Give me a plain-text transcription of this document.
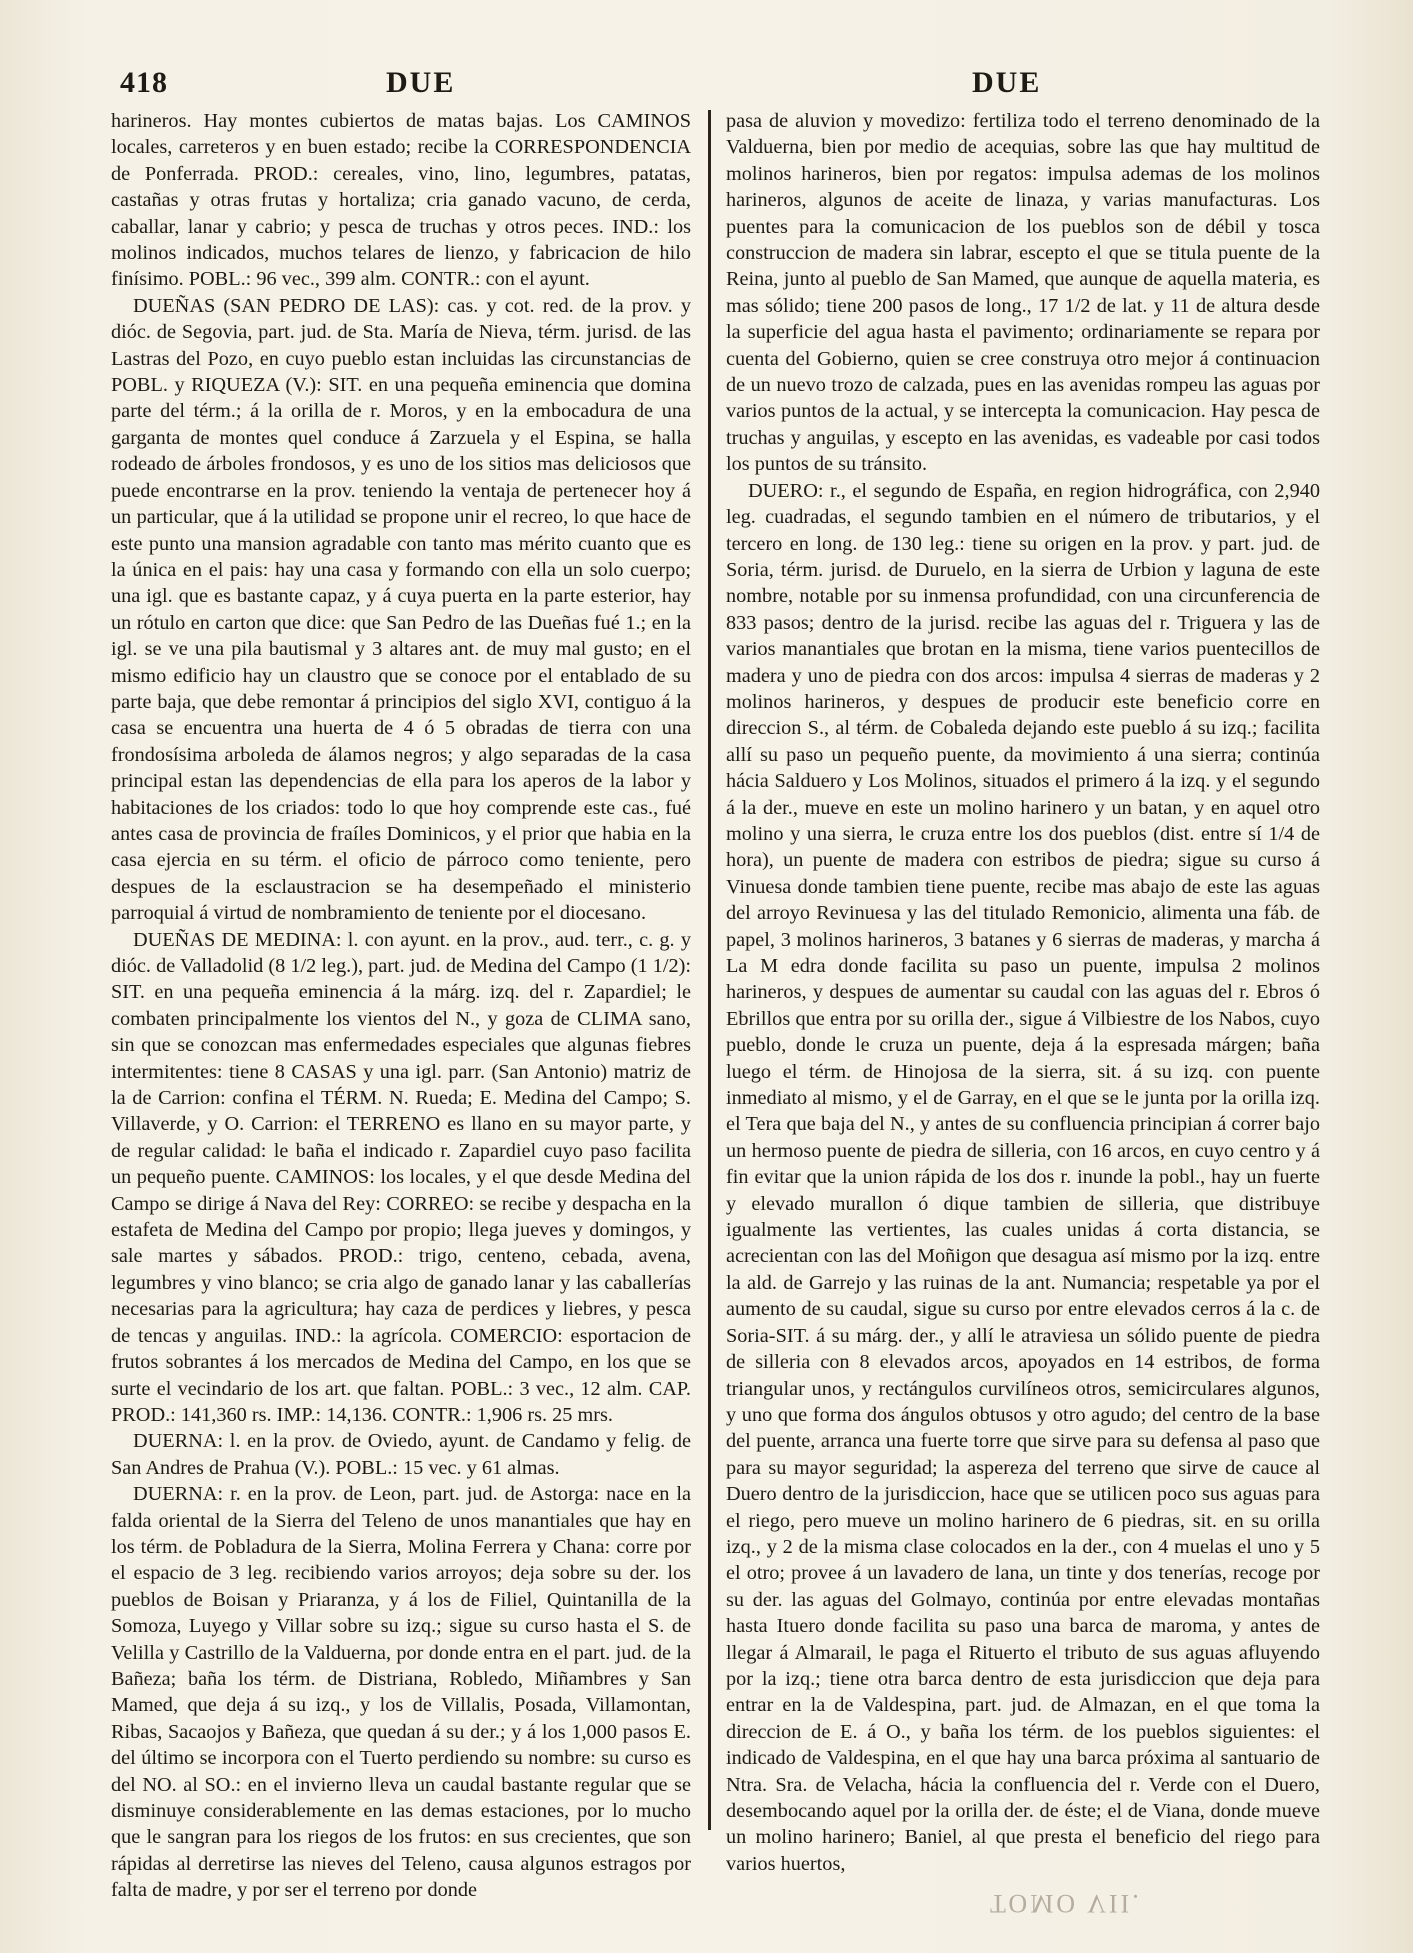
418	DUE	DUE

harineros. Hay montes cubiertos de matas bajas. Los CAMINOS locales, carreteros y en buen estado; recibe la CORRESPONDENCIA de Ponferrada. PROD.: cereales, vino, lino, legumbres, patatas, castañas y otras frutas y hortaliza; cria ganado vacuno, de cerda, caballar, lanar y cabrio; y pesca de truchas y otros peces. IND.: los molinos indicados, muchos telares de lienzo, y fabricacion de hilo finísimo. POBL.: 96 vec., 399 alm. CONTR.: con el ayunt.

DUEÑAS (SAN PEDRO DE LAS): cas. y cot. red. de la prov. y dióc. de Segovia, part. jud. de Sta. María de Nieva, térm. jurisd. de las Lastras del Pozo, en cuyo pueblo estan incluidas las circunstancias de POBL. y RIQUEZA (V.): SIT. en una pequeña eminencia que domina parte del térm.; á la orilla de r. Moros, y en la embocadura de una garganta de montes quel conduce á Zarzuela y el Espina, se halla rodeado de árboles frondosos, y es uno de los sitios mas deliciosos que puede encontrarse en la prov. teniendo la ventaja de pertenecer hoy á un particular, que á la utilidad se propone unir el recreo, lo que hace de este punto una mansion agradable con tanto mas mérito cuanto que es la única en el pais: hay una casa y formando con ella un solo cuerpo; una igl. que es bastante capaz, y á cuya puerta en la parte esterior, hay un rótulo en carton que dice: que San Pedro de las Dueñas fué 1.; en la igl. se ve una pila bautismal y 3 altares ant. de muy mal gusto; en el mismo edificio hay un claustro que se conoce por el entablado de su parte baja, que debe remontar á principios del siglo XVI, contiguo á la casa se encuentra una huerta de 4 ó 5 obradas de tierra con una frondosísima arboleda de álamos negros; y algo separadas de la casa principal estan las dependencias de ella para los aperos de la labor y habitaciones de los criados: todo lo que hoy comprende este cas., fué antes casa de provincia de fraíles Dominicos, y el prior que habia en la casa ejercia en su térm. el oficio de párroco como teniente, pero despues de la esclaustracion se ha desempeñado el ministerio parroquial á virtud de nombramiento de teniente por el diocesano.

DUEÑAS DE MEDINA: l. con ayunt. en la prov., aud. terr., c. g. y dióc. de Valladolid (8 1/2 leg.), part. jud. de Medina del Campo (1 1/2): SIT. en una pequeña eminencia á la márg. izq. del r. Zapardiel; le combaten principalmente los vientos del N., y goza de CLIMA sano, sin que se conozcan mas enfermedades especiales que algunas fiebres intermitentes: tiene 8 CASAS y una igl. parr. (San Antonio) matriz de la de Carrion: confina el TÉRM. N. Rueda; E. Medina del Campo; S. Villaverde, y O. Carrion: el TERRENO es llano en su mayor parte, y de regular calidad: le baña el indicado r. Zapardiel cuyo paso facilita un pequeño puente. CAMINOS: los locales, y el que desde Medina del Campo se dirige á Nava del Rey: CORREO: se recibe y despacha en la estafeta de Medina del Campo por propio; llega jueves y domingos, y sale martes y sábados. PROD.: trigo, centeno, cebada, avena, legumbres y vino blanco; se cria algo de ganado lanar y las caballerías necesarias para la agricultura; hay caza de perdices y liebres, y pesca de tencas y anguilas. IND.: la agrícola. COMERCIO: esportacion de frutos sobrantes á los mercados de Medina del Campo, en los que se surte el vecindario de los art. que faltan. POBL.: 3 vec., 12 alm. CAP. PROD.: 141,360 rs. IMP.: 14,136. CONTR.: 1,906 rs. 25 mrs.

DUERNA: l. en la prov. de Oviedo, ayunt. de Candamo y felig. de San Andres de Prahua (V.). POBL.: 15 vec. y 61 almas.

DUERNA: r. en la prov. de Leon, part. jud. de Astorga: nace en la falda oriental de la Sierra del Teleno de unos manantiales que hay en los térm. de Pobladura de la Sierra, Molina Ferrera y Chana: corre por el espacio de 3 leg. recibiendo varios arroyos; deja sobre su der. los pueblos de Boisan y Priaranza, y á los de Filiel, Quintanilla de la Somoza, Luyego y Villar sobre su izq.; sigue su curso hasta el S. de Velilla y Castrillo de la Valduerna, por donde entra en el part. jud. de la Bañeza; baña los térm. de Distriana, Robledo, Miñambres y San Mamed, que deja á su izq., y los de Villalis, Posada, Villamontan, Ribas, Sacaojos y Bañeza, que quedan á su der.; y á los 1,000 pasos E. del último se incorpora con el Tuerto perdiendo su nombre: su curso es del NO. al SO.: en el invierno lleva un caudal bastante regular que se disminuye considerablemente en las demas estaciones, por lo mucho que le sangran para los riegos de los frutos: en sus crecientes, que son rápidas al derretirse las nieves del Teleno, causa algunos estragos por falta de madre, y por ser el terreno por donde

pasa de aluvion y movedizo: fertiliza todo el terreno denominado de la Valduerna, bien por medio de acequias, sobre las que hay multitud de molinos harineros, bien por regatos: impulsa ademas de los molinos harineros, algunos de aceite de linaza, y varias manufacturas. Los puentes para la comunicacion de los pueblos son de débil y tosca construccion de madera sin labrar, escepto el que se titula puente de la Reina, junto al pueblo de San Mamed, que aunque de aquella materia, es mas sólido; tiene 200 pasos de long., 17 1/2 de lat. y 11 de altura desde la superficie del agua hasta el pavimento; ordinariamente se repara por cuenta del Gobierno, quien se cree construya otro mejor á continuacion de un nuevo trozo de calzada, pues en las avenidas rompeu las aguas por varios puntos de la actual, y se intercepta la comunicacion. Hay pesca de truchas y anguilas, y escepto en las avenidas, es vadeable por casi todos los puntos de su tránsito.

DUERO: r., el segundo de España, en region hidrográfica, con 2,940 leg. cuadradas, el segundo tambien en el número de tributarios, y el tercero en long. de 130 leg.: tiene su origen en la prov. y part. jud. de Soria, térm. jurisd. de Duruelo, en la sierra de Urbion y laguna de este nombre, notable por su inmensa profundidad, con una circunferencia de 833 pasos; dentro de la jurisd. recibe las aguas del r. Triguera y las de varios manantiales que brotan en la misma, tiene varios puentecillos de madera y uno de piedra con dos arcos: impulsa 4 sierras de maderas y 2 molinos harineros, y despues de producir este beneficio corre en direccion S., al térm. de Cobaleda dejando este pueblo á su izq.; facilita allí su paso un pequeño puente, da movimiento á una sierra; continúa hácia Salduero y Los Molinos, situados el primero á la izq. y el segundo á la der., mueve en este un molino harinero y un batan, y en aquel otro molino y una sierra, le cruza entre los dos pueblos (dist. entre sí 1/4 de hora), un puente de madera con estribos de piedra; sigue su curso á Vinuesa donde tambien tiene puente, recibe mas abajo de este las aguas del arroyo Revinuesa y las del titulado Remonicio, alimenta una fáb. de papel, 3 molinos harineros, 3 batanes y 6 sierras de maderas, y marcha á La M edra donde facilita su paso un puente, impulsa 2 molinos harineros, y despues de aumentar su caudal con las aguas del r. Ebros ó Ebrillos que entra por su orilla der., sigue á Vilbiestre de los Nabos, cuyo pueblo, donde le cruza un puente, deja á la espresada márgen; baña luego el térm. de Hinojosa de la sierra, sit. á su izq. con puente inmediato al mismo, y el de Garray, en el que se le junta por la orilla izq. el Tera que baja del N., y antes de su confluencia principian á correr bajo un hermoso puente de piedra de silleria, con 16 arcos, en cuyo centro y á fin evitar que la union rápida de los dos r. inunde la pobl., hay un fuerte y elevado murallon ó dique tambien de silleria, que distribuye igualmente las vertientes, las cuales unidas á corta distancia, se acrecientan con las del Moñigon que desagua así mismo por la izq. entre la ald. de Garrejo y las ruinas de la ant. Numancia; respetable ya por el aumento de su caudal, sigue su curso por entre elevados cerros á la c. de Soria-SIT. á su márg. der., y allí le atraviesa un sólido puente de piedra de silleria con 8 elevados arcos, apoyados en 14 estribos, de forma triangular unos, y rectángulos curvilíneos otros, semicirculares algunos, y uno que forma dos ángulos obtusos y otro agudo; del centro de la base del puente, arranca una fuerte torre que sirve para su defensa al paso que para su mayor seguridad; la aspereza del terreno que sirve de cauce al Duero dentro de la jurisdiccion, hace que se utilicen poco sus aguas para el riego, pero mueve un molino harinero de 6 piedras, sit. en su orilla izq., y 2 de la misma clase colocados en la der., con 4 muelas el uno y 5 el otro; provee á un lavadero de lana, un tinte y dos tenerías, recoge por su der. las aguas del Golmayo, continúa por entre elevadas montañas hasta Ituero donde facilita su paso una barca de maroma, y antes de llegar á Almarail, le paga el Rituerto el tributo de sus aguas afluyendo por la izq.; tiene otra barca dentro de esta jurisdiccion que deja para entrar en la de Valdespina, part. jud. de Almazan, en el que toma la direccion de E. á O., y baña los térm. de los pueblos siguientes: el indicado de Valdespina, en el que hay una barca próxima al santuario de Ntra. Sra. de Velacha, hácia la confluencia del r. Verde con el Duero, desembocando aquel por la orilla der. de éste; el de Viana, donde mueve un molino harinero; Baniel, al que presta el beneficio del riego para varios huertos,

TOMO VII.
